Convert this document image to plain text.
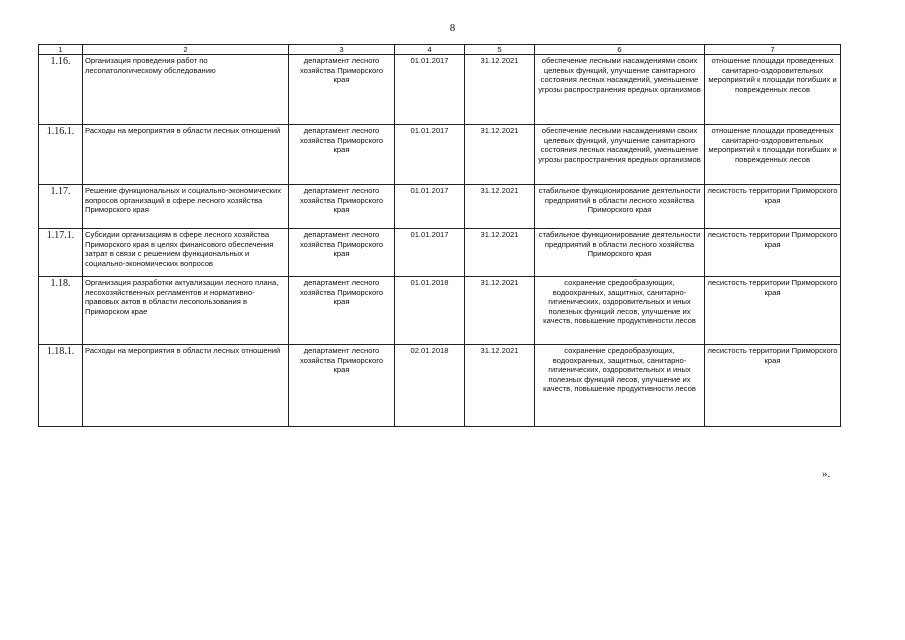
8
1	2	3	4	5	6	7
1.16.	Организация проведения работ по лесопатологическому обследованию	департамент лесного хозяйства Приморского края	01.01.2017	31.12.2021	обеспечение лесными насаждениями своих целевых функций, улучшение санитарного состояния лесных насаждений, уменьшение угрозы распространения вредных организмов	отношение площади проведенных санитарно-оздоровительных мероприятий к площади погибших и поврежденных лесов
1.16.1.	Расходы на мероприятия в области лесных отношений	департамент лесного хозяйства Приморского края	01.01.2017	31.12.2021	обеспечение лесными насаждениями своих целевых функций, улучшение санитарного состояния лесных насаждений, уменьшение угрозы распространения вредных организмов	отношение площади проведенных санитарно-оздоровительных мероприятий к площади погибших и поврежденных лесов
1.17.	Решение функциональных и социально-экономических вопросов организаций в сфере лесного хозяйства Приморского края	департамент лесного хозяйства Приморского края	01.01.2017	31.12.2021	стабильное функционирование деятельности предприятий в области лесного хозяйства Приморского края	лесистость территории Приморского края
1.17.1.	Субсидии организациям в сфере лесного хозяйства Приморского края в целях финансового обеспечения затрат в связи с решением функциональных и социально-экономических вопросов	департамент лесного хозяйства Приморского края	01.01.2017	31.12.2021	стабильное функционирование деятельности предприятий в области лесного хозяйства Приморского края	лесистость территории Приморского края
1.18.	Организация разработки актуализации лесного плана, лесохозяйственных регламентов и нормативно-правовых актов в области лесопользования в Приморском крае	департамент лесного хозяйства Приморского края	01.01.2018	31.12.2021	сохранение средообразующих, водоохранных, защитных, санитарно-гигиенических, оздоровительных и иных полезных функций лесов, улучшение их качеств, повышение продуктивности лесов	лесистость территории Приморского края
1.18.1.	Расходы на мероприятия в области лесных отношений	департамент лесного хозяйства Приморского края	02.01.2018	31.12.2021	сохранение средообразующих, водоохранных, защитных, санитарно-гигиенических, оздоровительных и иных полезных функций лесов, улучшение их качеств, повышение продуктивности лесов	лесистость территории Приморского края
».
